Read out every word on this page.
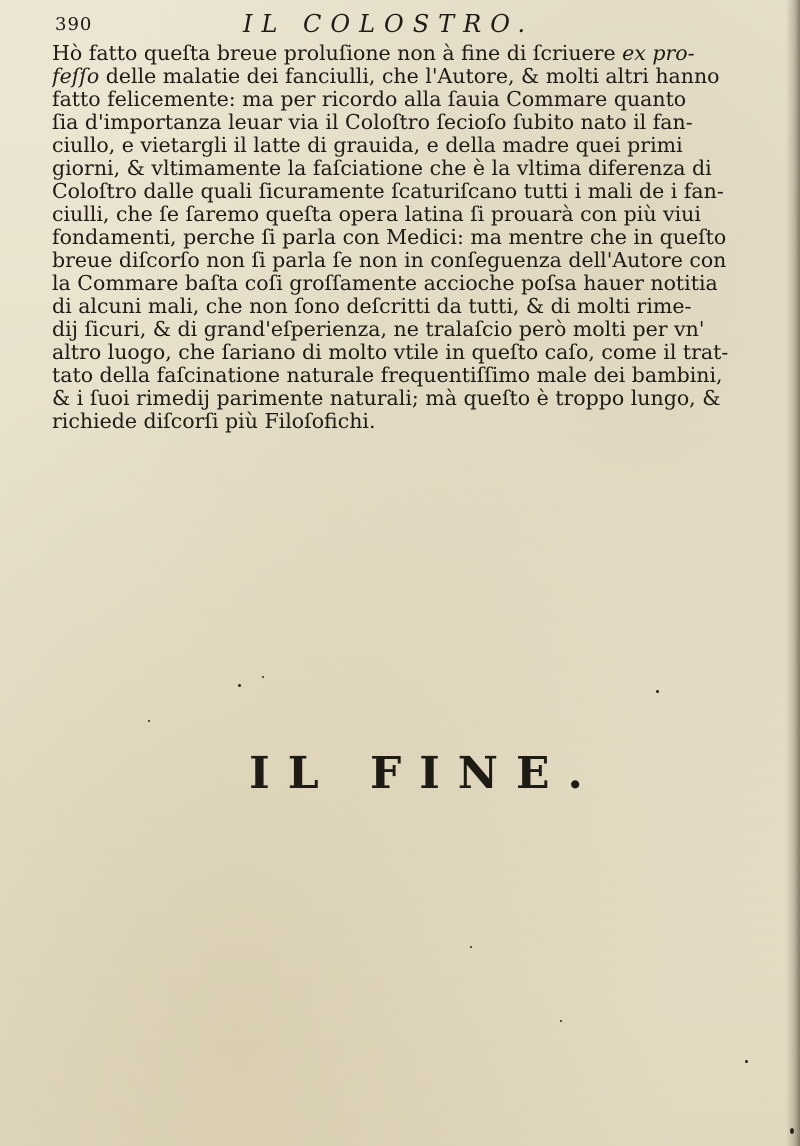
390	IL COLOSTRO.
Hò fatto queſta breue proluſione non à fine di ſcriuere ex pro-
feſſo delle malatie dei fanciulli, che l'Autore, & molti altri hanno
fatto felicemente: ma per ricordo alla ſauia Commare quanto
ſia d'importanza leuar via il Coloſtro ſecioſo ſubito nato il fan-
ciullo, e vietargli il latte di grauida, e della madre quei primi
giorni, & vltimamente la faſciatione che è la vltima diferenza di
Coloſtro dalle quali ſicuramente ſcaturiſcano tutti i mali de i fan-
ciulli, che ſe ſaremo queſta opera latina ſi prouarà con più viui
fondamenti, perche ſi parla con Medici: ma mentre che in queſto
breue diſcorſo non ſi parla ſe non in conſeguenza dell'Autore con
la Commare baſta coſi groſſamente accioche poſsa hauer notitia
di alcuni mali, che non ſono deſcritti da tutti, & di molti rime-
dij ſicuri, & di grand'eſperienza, ne tralaſcio però molti per vn'
altro luogo, che ſariano di molto vtile in queſto caſo, come il trat-
tato della faſcinatione naturale frequentiſſimo male dei bambini,
& i ſuoi rimedij parimente naturali; mà queſto è troppo lungo, &
richiede diſcorſi più Filoſofichi.
IL FINE.
